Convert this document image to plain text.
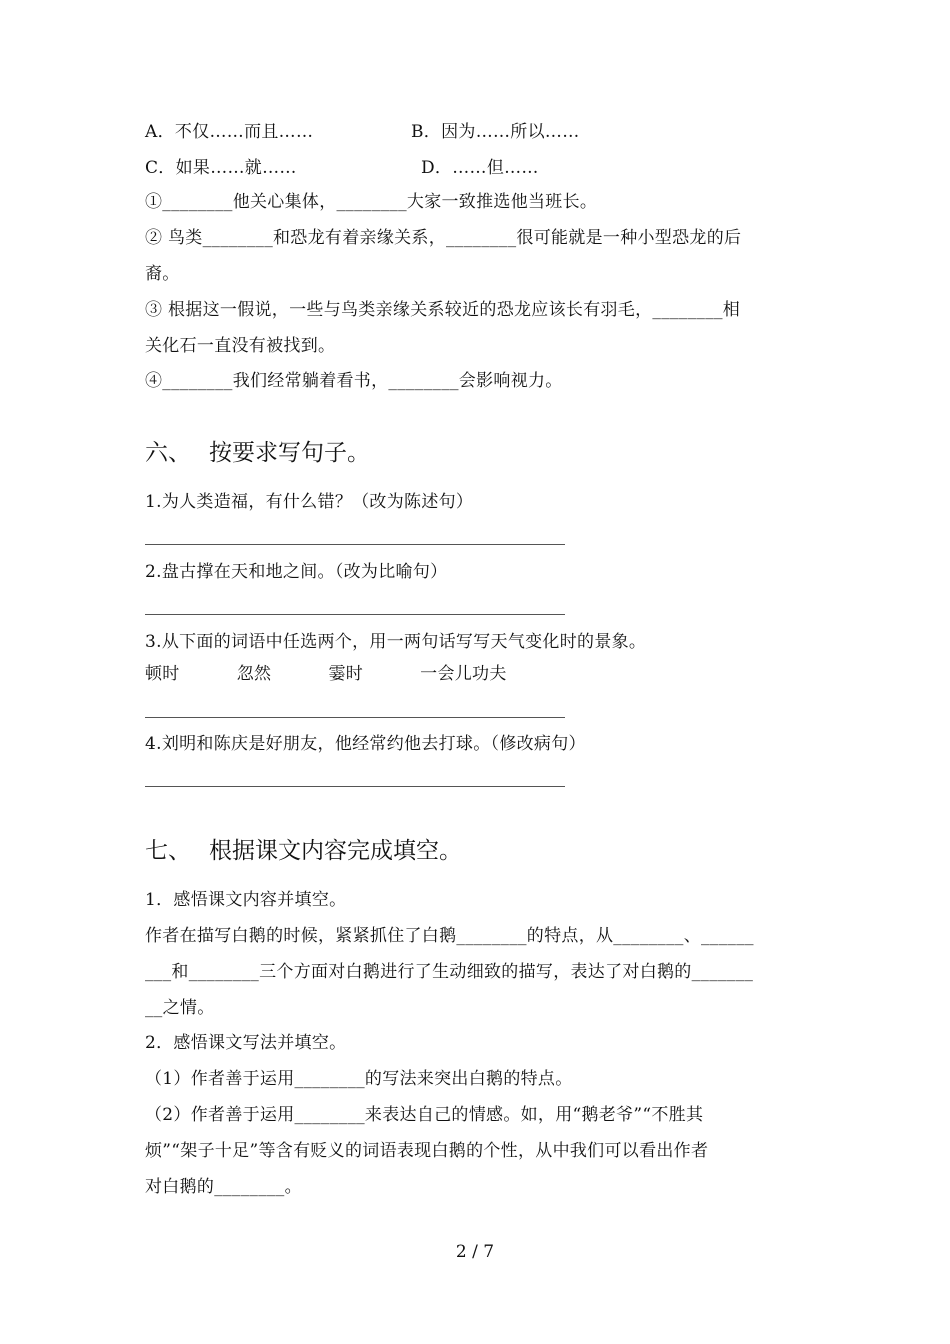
A．不仅……而且……	B．因为……所以……
C．如果……就……	D．……但……
①________他关心集体，________大家一致推选他当班长。
② 鸟类________和恐龙有着亲缘关系，________很可能就是一种小型恐龙的后
裔。
③ 根据这一假说，一些与鸟类亲缘关系较近的恐龙应该长有羽毛，________相
关化石一直没有被找到。
④________我们经常躺着看书，________会影响视力。
六、 按要求写句子。
1.为人类造福，有什么错？（改为陈述句）
2.盘古撑在天和地之间。（改为比喻句）
3.从下面的词语中任选两个，用一两句话写写天气变化时的景象。
顿时	忽然	霎时	一会儿功夫
4.刘明和陈庆是好朋友，他经常约他去打球。（修改病句）
七、 根据课文内容完成填空。
1．感悟课文内容并填空。
作者在描写白鹅的时候，紧紧抓住了白鹅________的特点，从________、______
___和________三个方面对白鹅进行了生动细致的描写，表达了对白鹅的_______
__之情。
2．感悟课文写法并填空。
（1）作者善于运用________的写法来突出白鹅的特点。
（2）作者善于运用________来表达自己的情感。如，用“鹅老爷”“不胜其
烦”“架子十足”等含有贬义的词语表现白鹅的个性，从中我们可以看出作者
对白鹅的________。
2 / 7
